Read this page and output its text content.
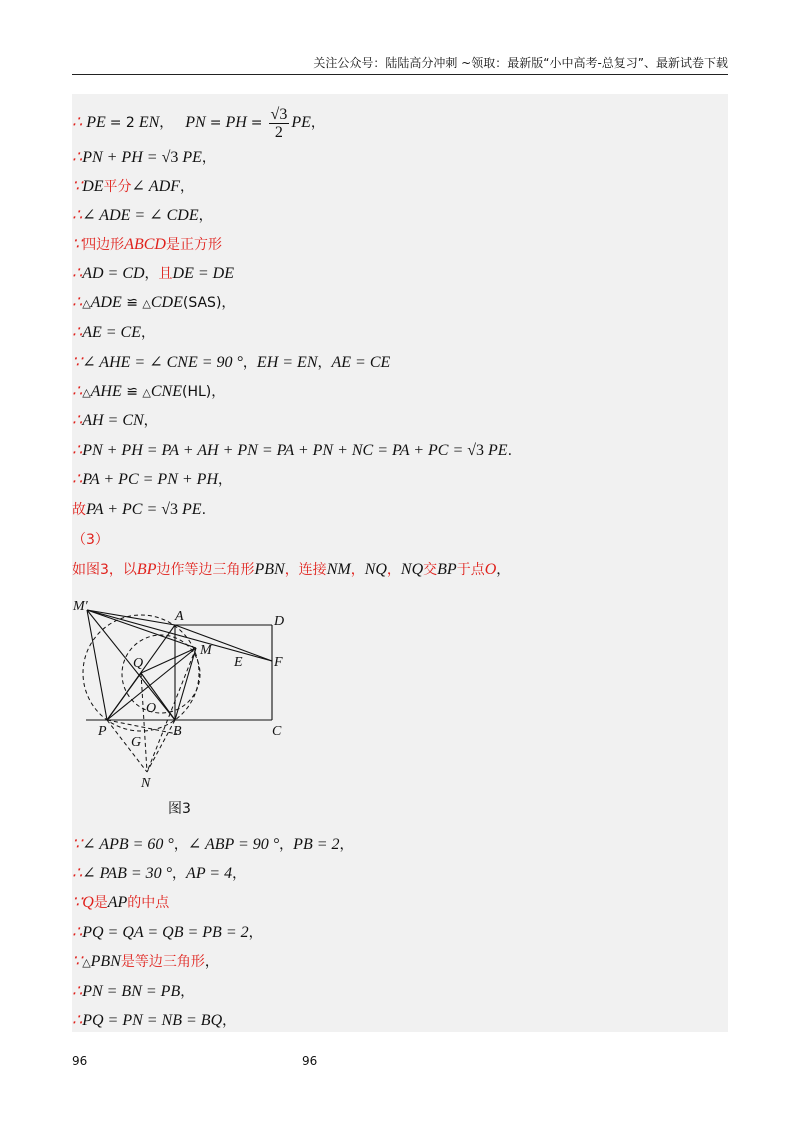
关注公众号：陆陆高分冲刺 ~领取：最新版“小中高考-总复习”、最新试卷下载
∴ PE = 2 EN， PN = PH = $\frac{√3}{2}$ PE，
∴PN + PH = √3 PE，
∵DE平分∠ ADF，
∴∠ ADE = ∠ CDE，
∵四边形ABCD是正方形
∴AD = CD，且DE = DE
∴△ADE ≌ △CDE(SAS)，
∴AE = CE，
∵∠ AHE = ∠ CNE = 90 °，EH = EN，AE = CE
∴△AHE ≌ △CNE(HL)，
∴AH = CN，
∴PN + PH = PA + AH + PN = PA + PN + NC = PA + PC = √3 PE.
∴PA + PC = PN + PH，
故PA + PC = √3 PE.
（3）
如图3，以BP边作等边三角形PBN，连接NM，NQ，NQ交BP于点O，
M′
A	D
M
Q	E F
O
P	B	C
G
N
图3
∵∠ APB = 60 °，∠ ABP = 90 °，PB = 2，
∴∠ PAB = 30 °，AP = 4，
∵Q是AP的中点
∴PQ = QA = QB = PB = 2，
∵△PBN是等边三角形，
∴PN = BN = PB，
∴PQ = PN = NB = BQ，
96	96
